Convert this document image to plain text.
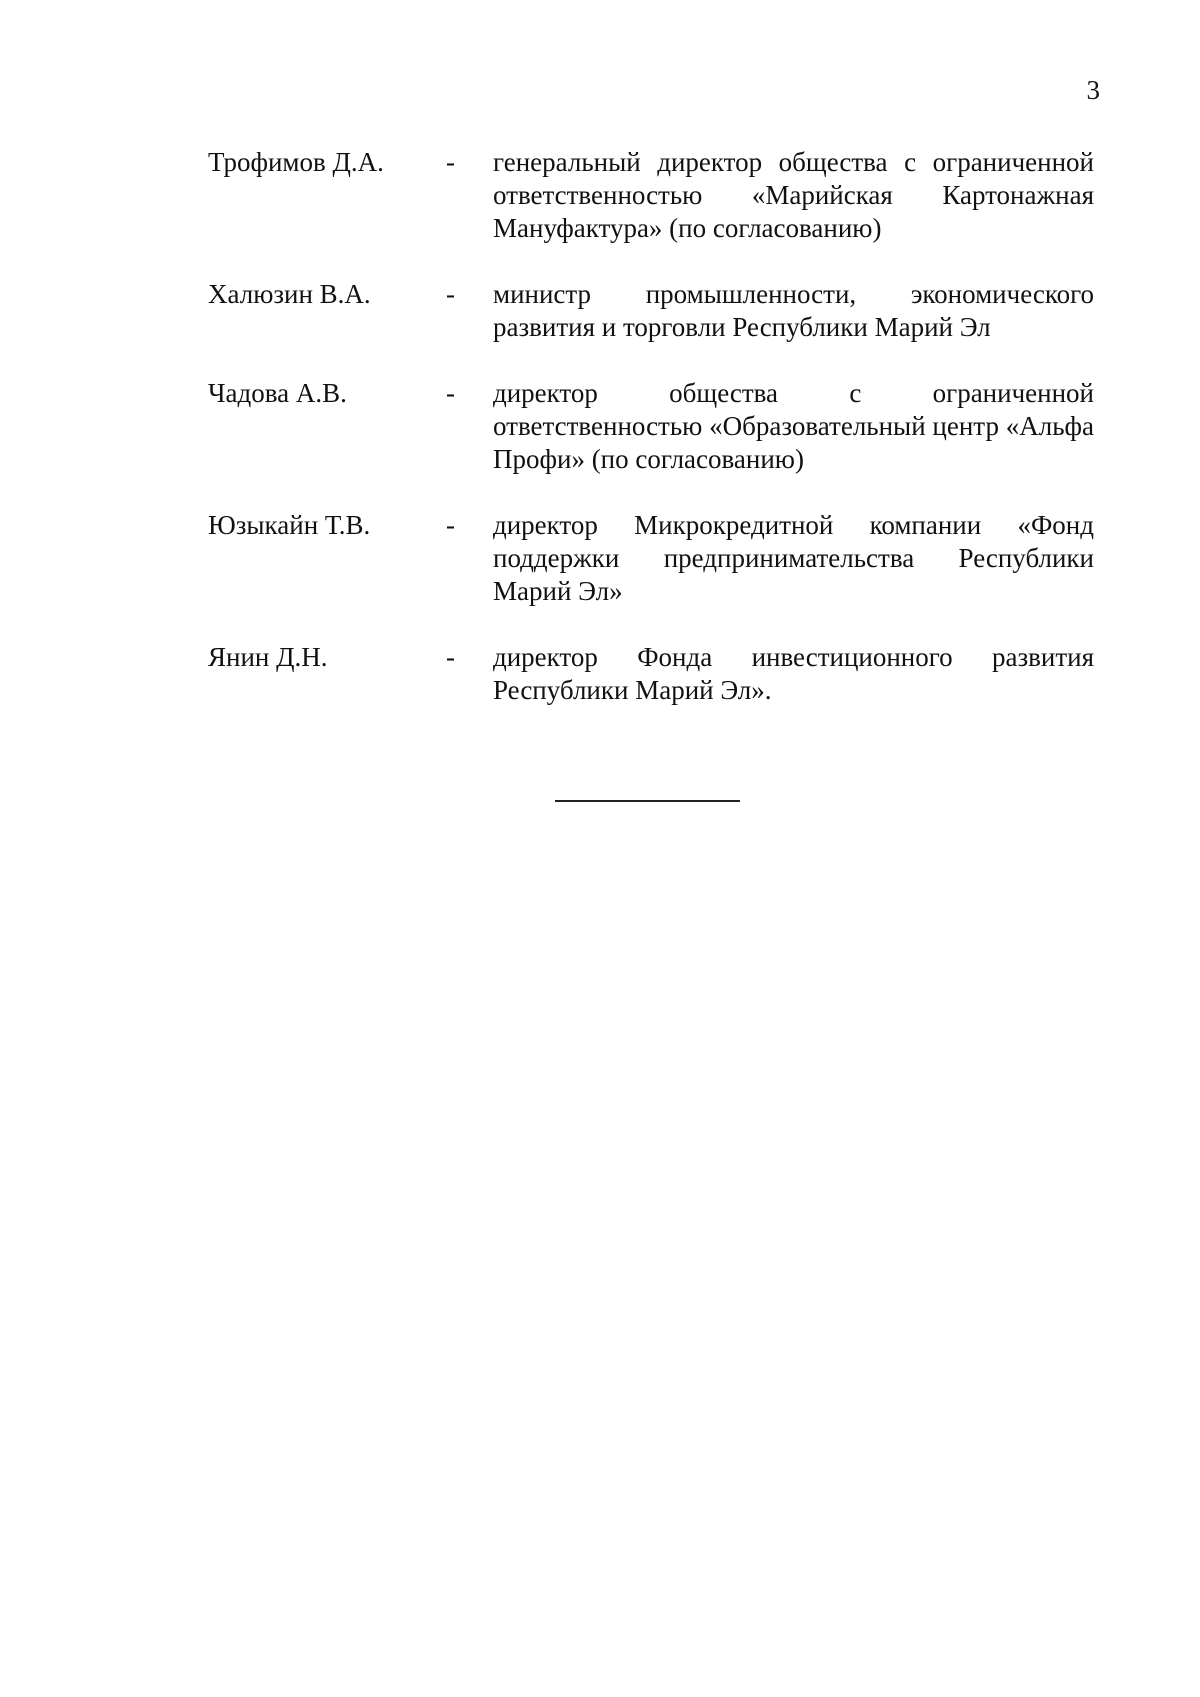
3
Трофимов Д.А. - генеральный директор общества с ограниченной ответственностью «Марийская Картонажная Мануфактура» (по согласованию)
Халюзин В.А.	- министр промышленности, экономического развития и торговли Республики Марий Эл
Чадова А.В.	- директор общества с ограниченной ответственностью «Образовательный центр «Альфа Профи» (по согласованию)
Юзыкайн Т.В.	- директор Микрокредитной компании «Фонд поддержки предпринимательства Республики Марий Эл»
Янин Д.Н.	- директор Фонда инвестиционного развития Республики Марий Эл».
